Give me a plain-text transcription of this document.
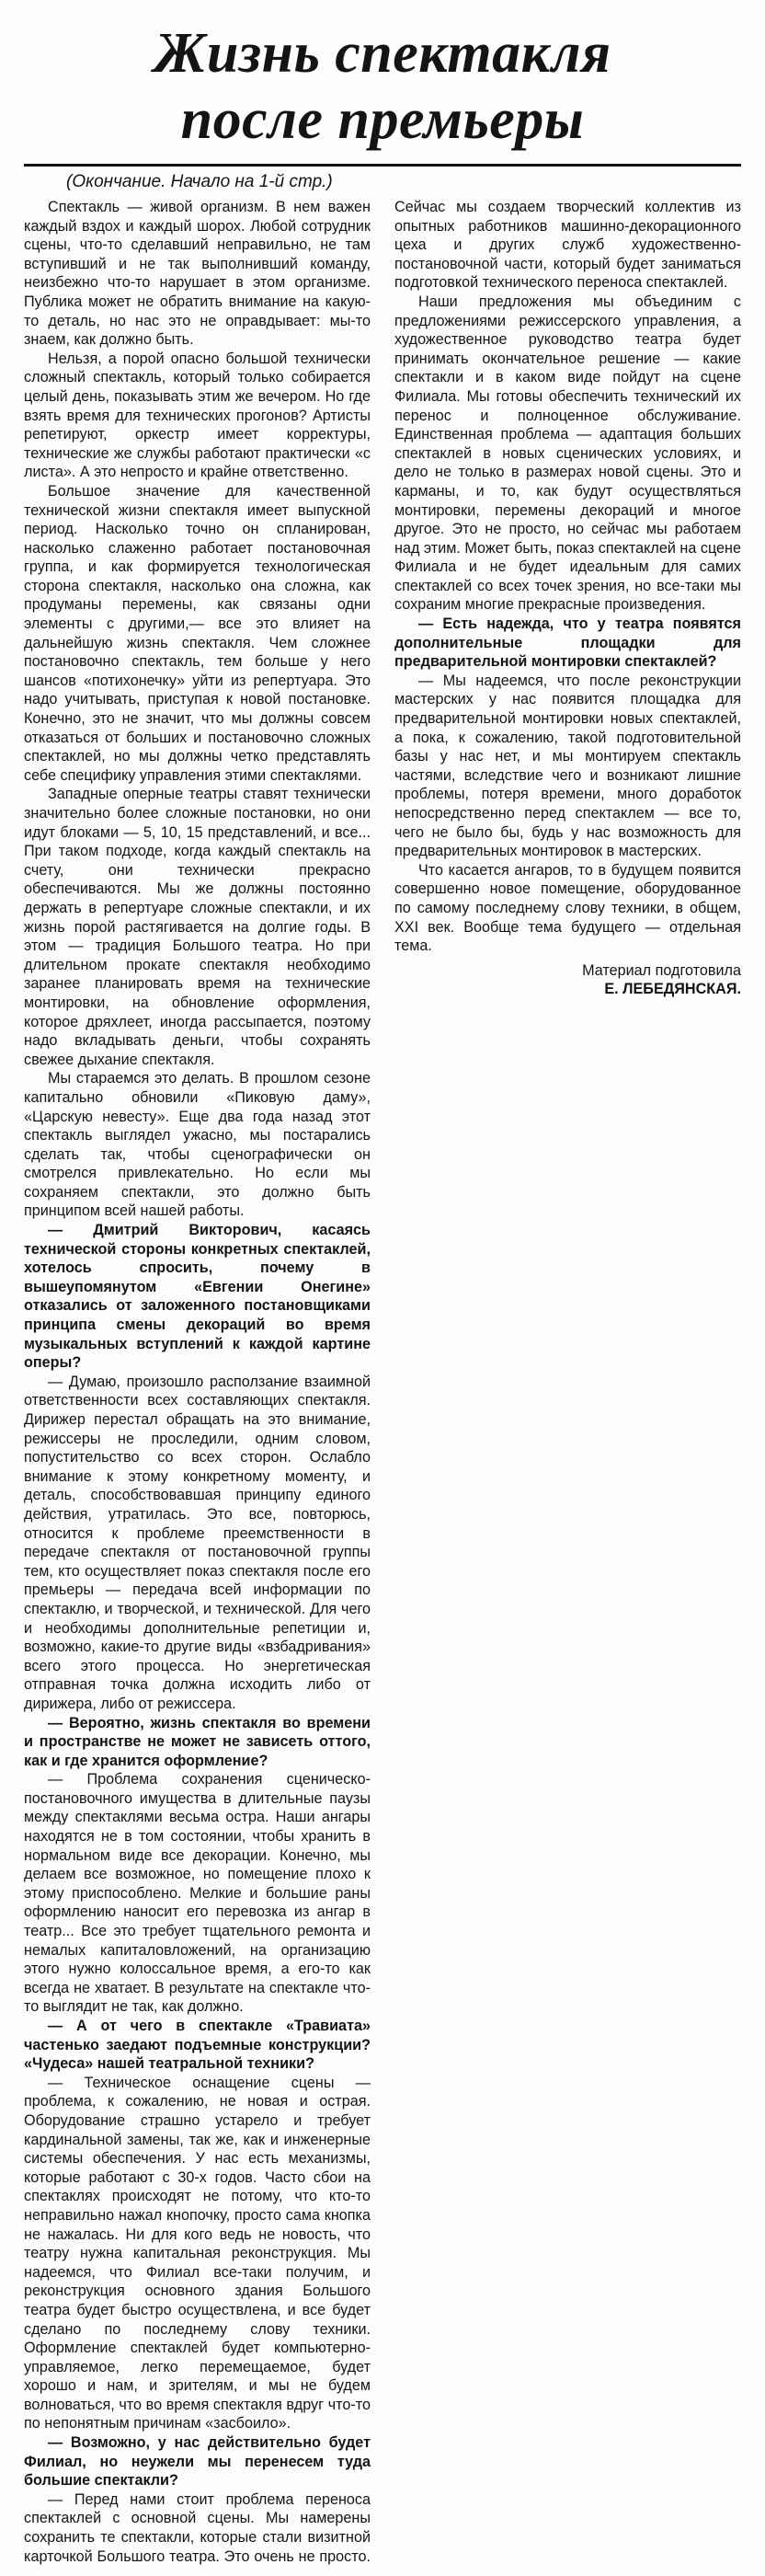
Жизнь спектакля
после премьеры
(Окончание. Начало на 1-й стр.)

Спектакль — живой организм. В нем важен каждый вздох и каждый шорох. Любой сотрудник сцены, что-то сделавший неправильно, не там вступивший и не так выполнивший команду, неизбежно что-то нарушает в этом организме. Публика может не обратить внимание на какую-то деталь, но нас это не оправдывает: мы-то знаем, как должно быть.

Нельзя, а порой опасно большой технически сложный спектакль, который только собирается целый день, показывать этим же вечером. Но где взять время для технических прогонов? Артисты репетируют, оркестр имеет корректуры, технические же службы работают практически «с листа». А это непросто и крайне ответственно.

Большое значение для качественной технической жизни спектакля имеет выпускной период. Насколько точно он спланирован, насколько слаженно работает постановочная группа, и как формируется технологическая сторона спектакля, насколько она сложна, как продуманы перемены, как связаны одни элементы с другими,— все это влияет на дальнейшую жизнь спектакля. Чем сложнее постановочно спектакль, тем больше у него шансов «потихонечку» уйти из репертуара. Это надо учитывать, приступая к новой постановке. Конечно, это не значит, что мы должны совсем отказаться от больших и постановочно сложных спектаклей, но мы должны четко представлять себе специфику управления этими спектаклями.

Западные оперные театры ставят технически значительно более сложные постановки, но они идут блоками — 5, 10, 15 представлений, и все... При таком подходе, когда каждый спектакль на счету, они технически прекрасно обеспечиваются. Мы же должны постоянно держать в репертуаре сложные спектакли, и их жизнь порой растягивается на долгие годы. В этом — традиция Большого театра. Но при длительном прокате спектакля необходимо заранее планировать время на технические монтировки, на обновление оформления, которое дряхлеет, иногда рассыпается, поэтому надо вкладывать деньги, чтобы сохранять свежее дыхание спектакля.

Мы стараемся это делать. В прошлом сезоне капитально обновили «Пиковую даму», «Царскую невесту». Еще два года назад этот спектакль выглядел ужасно, мы постарались сделать так, чтобы сценографически он смотрелся привлекательно. Но если мы сохраняем спектакли, это должно быть принципом всей нашей работы.

— Дмитрий Викторович, касаясь технической стороны конкретных спектаклей, хотелось спросить, почему в вышеупомянутом «Евгении Онегине» отказались от заложенного постановщиками принципа смены декораций во время музыкальных вступлений к каждой картине оперы?

— Думаю, произошло расползание взаимной ответственности всех составляющих спектакля. Дирижер перестал обращать на это внимание, режиссеры не проследили, одним словом, попустительство со всех сторон. Ослабло внимание к этому конкретному моменту, и деталь, способствовавшая принципу единого действия, утратилась. Это все, повторюсь, относится к проблеме преемственности в передаче спектакля от постановочной группы тем, кто осуществляет показ спектакля после его премьеры — передача всей информации по спектаклю, и творческой, и технической. Для чего и необходимы дополнительные репетиции и, возможно, какие-то другие виды «взбадривания» всего этого процесса. Но энергетическая отправная точка должна исходить либо от дирижера, либо от режиссера.

— Вероятно, жизнь спектакля во времени и пространстве не может не зависеть оттого, как и где хранится оформление?

— Проблема сохранения сценическо-постановочного имущества в длительные паузы между спектаклями весьма остра. Наши ангары находятся не в том состоянии, чтобы хранить в нормальном виде все декорации. Конечно, мы делаем все возможное, но помещение плохо к этому приспособлено. Мелкие и большие раны оформлению наносит его перевозка из ангар в театр... Все это требует тщательного ремонта и немалых капиталовложений, на организацию этого нужно колоссальное время, а его-то как всегда не хватает. В результате на спектакле что-то выглядит не так, как должно.

— А от чего в спектакле «Травиата» частенько заедают подъемные конструкции? «Чудеса» нашей театральной техники?

— Техническое оснащение сцены — проблема, к сожалению, не новая и острая. Оборудование страшно устарело и требует кардинальной замены, так же, как и инженерные системы обеспечения. У нас есть механизмы, которые работают с 30-х годов. Часто сбои на спектаклях происходят не потому, что кто-то неправильно нажал кнопочку, просто сама кнопка не нажалась. Ни для кого ведь не новость, что театру нужна капитальная реконструкция. Мы надеемся, что Филиал все-таки получим, и реконструкция основного здания Большого театра будет быстро осуществлена, и все будет сделано по последнему слову техники. Оформление спектаклей будет компьютерно-управляемое, легко перемещаемое, будет хорошо и нам, и зрителям, и мы не будем волноваться, что во время спектакля вдруг что-то по непонятным причинам «засбоило».

— Возможно, у нас действительно будет Филиал, но неужели мы перенесем туда большие спектакли?

— Перед нами стоит проблема переноса спектаклей с основной сцены. Мы намерены сохранить те спектакли, которые стали визитной карточкой Большого театра. Это очень не просто. Сейчас мы создаем творческий коллектив из опытных работников машинно-декорационного цеха и других служб художественно-постановочной части, который будет заниматься подготовкой технического переноса спектаклей.

Наши предложения мы объединим с предложениями режиссерского управления, а художественное руководство театра будет принимать окончательное решение — какие спектакли и в каком виде пойдут на сцене Филиала. Мы готовы обеспечить технический их перенос и полноценное обслуживание. Единственная проблема — адаптация больших спектаклей в новых сценических условиях, и дело не только в размерах новой сцены. Это и карманы, и то, как будут осуществляться монтировки, перемены декораций и многое другое. Это не просто, но сейчас мы работаем над этим. Может быть, показ спектаклей на сцене Филиала и не будет идеальным для самих спектаклей со всех точек зрения, но все-таки мы сохраним многие прекрасные произведения.

— Есть надежда, что у театра появятся дополнительные площадки для предварительной монтировки спектаклей?

— Мы надеемся, что после реконструкции мастерских у нас появится площадка для предварительной монтировки новых спектаклей, а пока, к сожалению, такой подготовительной базы у нас нет, и мы монтируем спектакль частями, вследствие чего и возникают лишние проблемы, потеря времени, много доработок непосредственно перед спектаклем — все то, чего не было бы, будь у нас возможность для предварительных монтировок в мастерских.

Что касается ангаров, то в будущем появится совершенно новое помещение, оборудованное по самому последнему слову техники, в общем, XXI век. Вообще тема будущего — отдельная тема.

Материал подготовила
Е. ЛЕБЕДЯНСКАЯ.
